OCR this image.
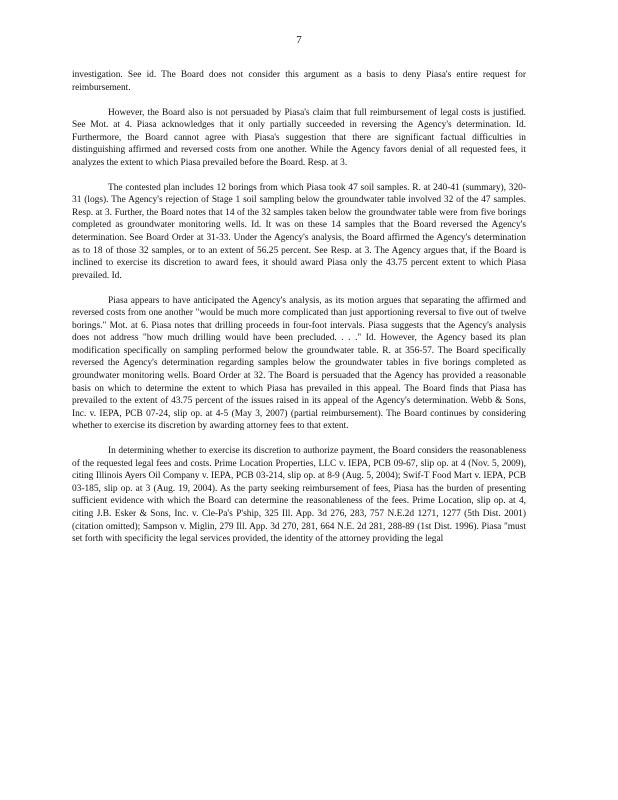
7

investigation. See id. The Board does not consider this argument as a basis to deny Piasa's entire request for reimbursement.

However, the Board also is not persuaded by Piasa's claim that full reimbursement of legal costs is justified. See Mot. at 4. Piasa acknowledges that it only partially succeeded in reversing the Agency's determination. Id. Furthermore, the Board cannot agree with Piasa's suggestion that there are significant factual difficulties in distinguishing affirmed and reversed costs from one another. While the Agency favors denial of all requested fees, it analyzes the extent to which Piasa prevailed before the Board. Resp. at 3.

The contested plan includes 12 borings from which Piasa took 47 soil samples. R. at 240-41 (summary), 320-31 (logs). The Agency's rejection of Stage 1 soil sampling below the groundwater table involved 32 of the 47 samples. Resp. at 3. Further, the Board notes that 14 of the 32 samples taken below the groundwater table were from five borings completed as groundwater monitoring wells. Id. It was on these 14 samples that the Board reversed the Agency's determination. See Board Order at 31-33. Under the Agency's analysis, the Board affirmed the Agency's determination as to 18 of those 32 samples, or to an extent of 56.25 percent. See Resp. at 3. The Agency argues that, if the Board is inclined to exercise its discretion to award fees, it should award Piasa only the 43.75 percent extent to which Piasa prevailed. Id.

Piasa appears to have anticipated the Agency's analysis, as its motion argues that separating the affirmed and reversed costs from one another "would be much more complicated than just apportioning reversal to five out of twelve borings." Mot. at 6. Piasa notes that drilling proceeds in four-foot intervals. Piasa suggests that the Agency's analysis does not address "how much drilling would have been precluded. . . ." Id. However, the Agency based its plan modification specifically on sampling performed below the groundwater table. R. at 356-57. The Board specifically reversed the Agency's determination regarding samples below the groundwater tables in five borings completed as groundwater monitoring wells. Board Order at 32. The Board is persuaded that the Agency has provided a reasonable basis on which to determine the extent to which Piasa has prevailed in this appeal. The Board finds that Piasa has prevailed to the extent of 43.75 percent of the issues raised in its appeal of the Agency's determination. Webb & Sons, Inc. v. IEPA, PCB 07-24, slip op. at 4-5 (May 3, 2007) (partial reimbursement). The Board continues by considering whether to exercise its discretion by awarding attorney fees to that extent.

In determining whether to exercise its discretion to authorize payment, the Board considers the reasonableness of the requested legal fees and costs. Prime Location Properties, LLC v. IEPA, PCB 09-67, slip op. at 4 (Nov. 5, 2009), citing Illinois Ayers Oil Company v. IEPA, PCB 03-214, slip op. at 8-9 (Aug. 5, 2004); Swif-T Food Mart v. IEPA, PCB 03-185, slip op. at 3 (Aug. 19, 2004). As the party seeking reimbursement of fees, Piasa has the burden of presenting sufficient evidence with which the Board can determine the reasonableness of the fees. Prime Location, slip op. at 4, citing J.B. Esker & Sons, Inc. v. Cle-Pa's P'ship, 325 Ill. App. 3d 276, 283, 757 N.E.2d 1271, 1277 (5th Dist. 2001) (citation omitted); Sampson v. Miglin, 279 Ill. App. 3d 270, 281, 664 N.E. 2d 281, 288-89 (1st Dist. 1996). Piasa "must set forth with specificity the legal services provided, the identity of the attorney providing the legal
